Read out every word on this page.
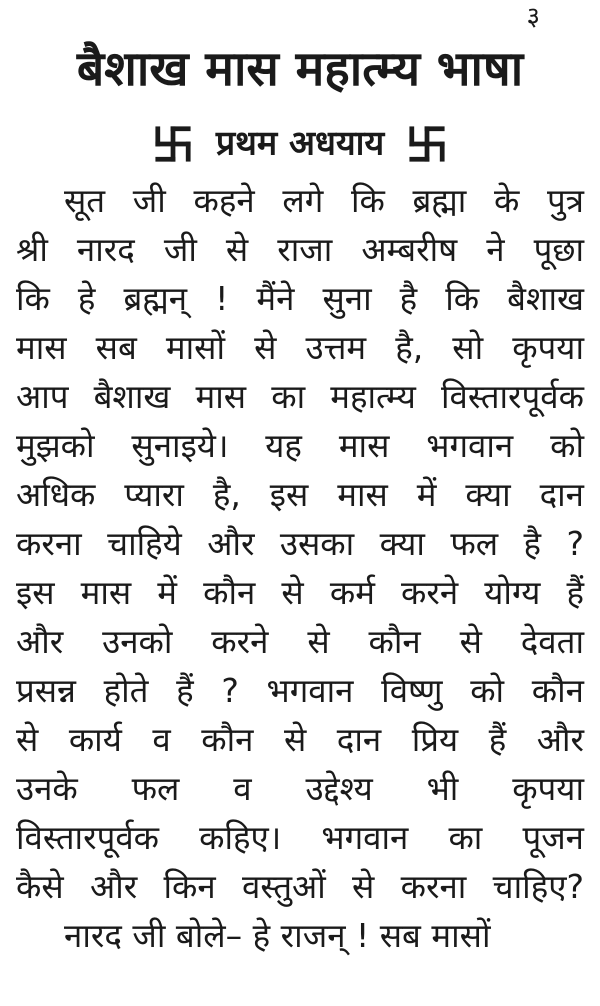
३
बैशाख मास महात्म्य भाषा
प्रथम अधयाय
सूत जी कहने लगे कि ब्रह्मा के पुत्र
श्री नारद जी से राजा अम्बरीष ने पूछा
कि हे ब्रह्मन् ! मैंने सुना है कि बैशाख
मास सब मासों से उत्तम है, सो कृपया
आप बैशाख मास का महात्म्य विस्तारपूर्वक
मुझको सुनाइये। यह मास भगवान को
अधिक प्यारा है, इस मास में क्या दान
करना चाहिये और उसका क्या फल है ?
इस मास में कौन से कर्म करने योग्य हैं
और उनको करने से कौन से देवता
प्रसन्न होते हैं ? भगवान विष्णु को कौन
से कार्य व कौन से दान प्रिय हैं और
उनके फल व उद्देश्य भी कृपया
विस्तारपूर्वक कहिए। भगवान का पूजन
कैसे और किन वस्तुओं से करना चाहिए?
नारद जी बोले– हे राजन् ! सब मासों
